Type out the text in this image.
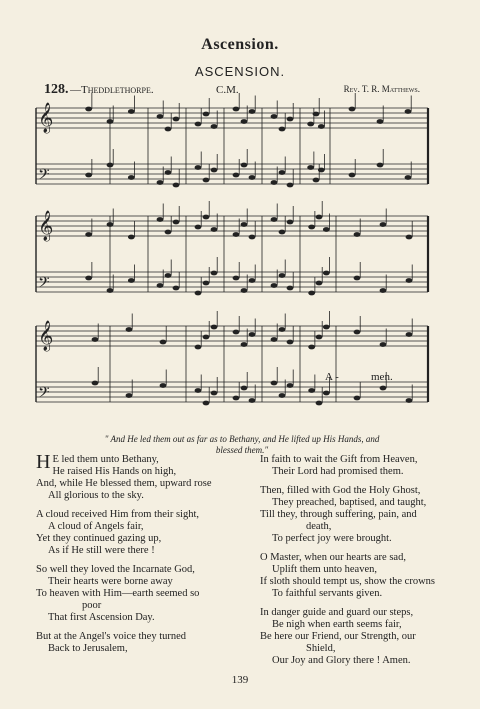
Ascension.
ASCENSION.
128. —Theddlethorpe.	C.M.	Rev. T. R. Matthews.
𝄞
𝄢
𝄞
𝄢
𝄞
𝄢
A -	men.
" And He led them out as far as to Bethany, and He lifted up His Hands, and
blessed them."
H E led them unto Bethany,
He raised His Hands on high,
And, while He blessed them, upward rose
All glorious to the sky.
A cloud received Him from their sight,
A cloud of Angels fair,
Yet they continued gazing up,
As if He still were there !
So well they loved the Incarnate God,
Their hearts were borne away
To heaven with Him—earth seemed so
poor
That first Ascension Day.
But at the Angel's voice they turned
Back to Jerusalem,
In faith to wait the Gift from Heaven,
Their Lord had promised them.
Then, filled with God the Holy Ghost,
They preached, baptised, and taught,
Till they, through suffering, pain, and
death,
To perfect joy were brought.
O Master, when our hearts are sad,
Uplift them unto heaven,
If sloth should tempt us, show the crowns
To faithful servants given.
In danger guide and guard our steps,
Be nigh when earth seems fair,
Be here our Friend, our Strength, our
Shield,
Our Joy and Glory there ! Amen.
139
